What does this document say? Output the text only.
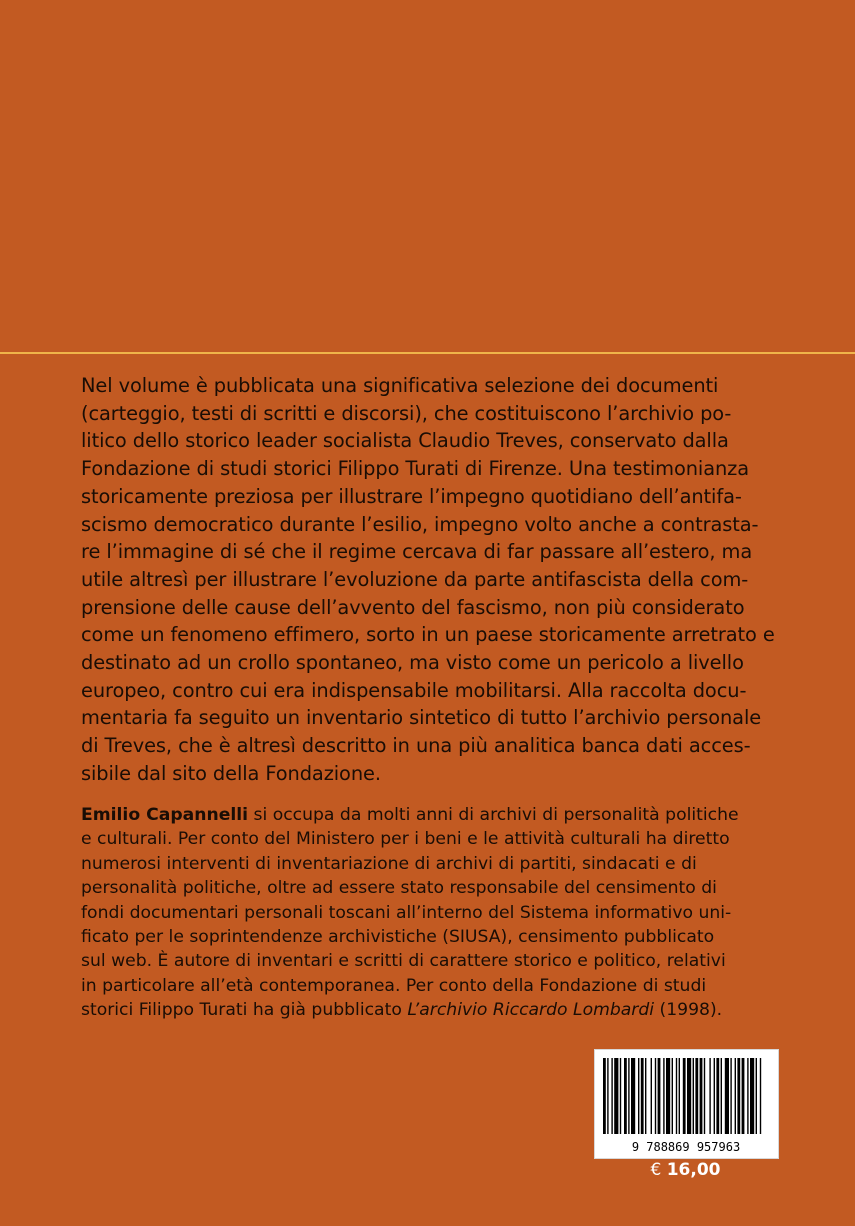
Nel volume è pubblicata una significativa selezione dei documenti
(carteggio, testi di scritti e discorsi), che costituiscono l’archivio po-
litico dello storico leader socialista Claudio Treves, conservato dalla
Fondazione di studi storici Filippo Turati di Firenze. Una testimonianza
storicamente preziosa per illustrare l’impegno quotidiano dell’antifa-
scismo democratico durante l’esilio, impegno volto anche a contrasta-
re l’immagine di sé che il regime cercava di far passare all’estero, ma
utile altresì per illustrare l’evoluzione da parte antifascista della com-
prensione delle cause dell’avvento del fascismo, non più considerato
come un fenomeno effimero, sorto in un paese storicamente arretrato e
destinato ad un crollo spontaneo, ma visto come un pericolo a livello
europeo, contro cui era indispensabile mobilitarsi. Alla raccolta docu-
mentaria fa seguito un inventario sintetico di tutto l’archivio personale
di Treves, che è altresì descritto in una più analitica banca dati acces-
sibile dal sito della Fondazione.
Emilio Capannelli si occupa da molti anni di archivi di personalità politiche
e culturali. Per conto del Ministero per i beni e le attività culturali ha diretto
numerosi interventi di inventariazione di archivi di partiti, sindacati e di
personalità politiche, oltre ad essere stato responsabile del censimento di
fondi documentari personali toscani all’interno del Sistema informativo uni-
ficato per le soprintendenze archivistiche (SIUSA), censimento pubblicato
sul web. È autore di inventari e scritti di carattere storico e politico, relativi
in particolare all’età contemporanea. Per conto della Fondazione di studi
storici Filippo Turati ha già pubblicato L’archivio Riccardo Lombardi (1998).
9 788869 957963
€ 16,00
